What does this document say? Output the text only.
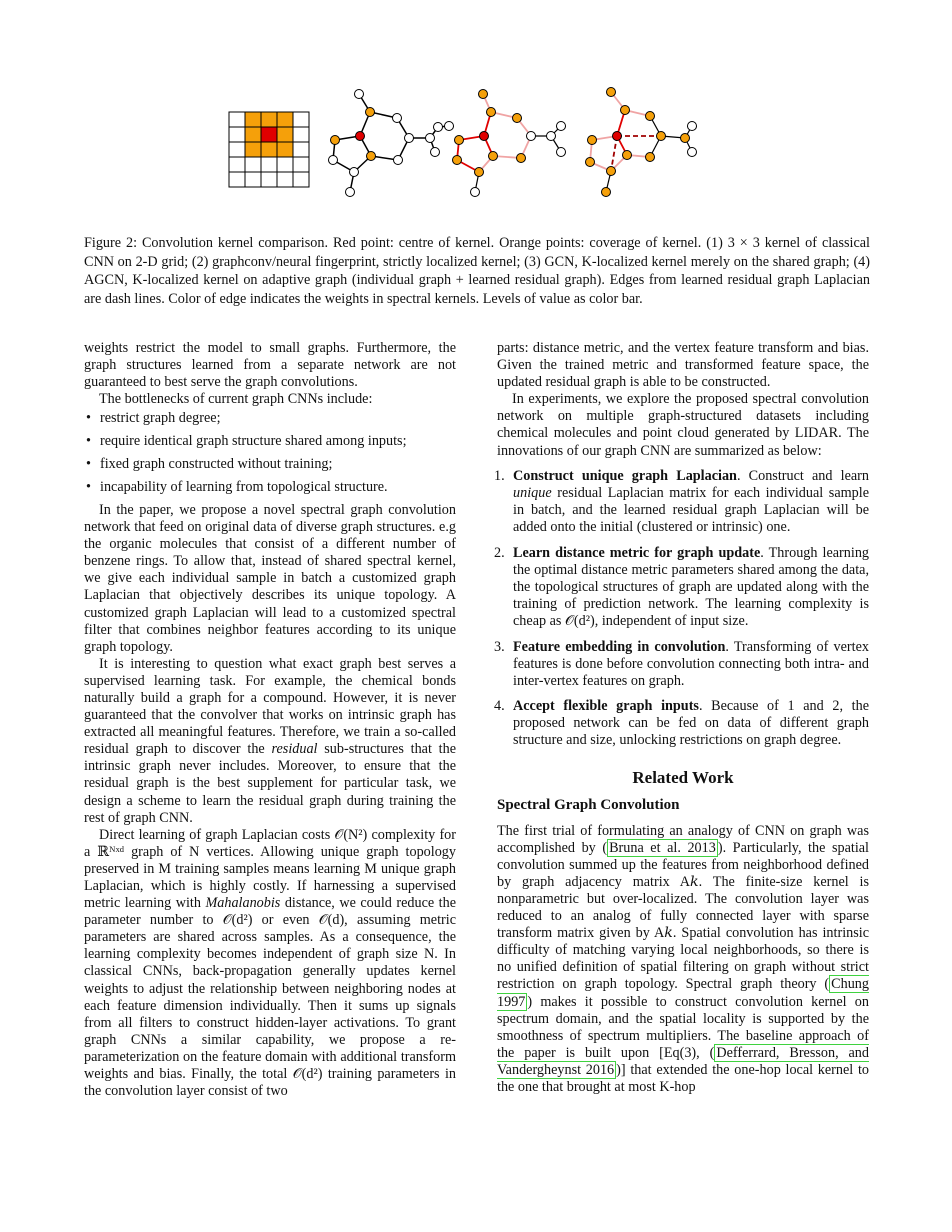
Figure 2: Convolution kernel comparison. Red point: centre of kernel. Orange points: coverage of kernel. (1) 3 × 3 kernel of classical CNN on 2-D grid; (2) graphconv/neural fingerprint, strictly localized kernel; (3) GCN, K-localized kernel merely on the shared graph; (4) AGCN, K-localized kernel on adaptive graph (individual graph + learned residual graph). Edges from learned residual graph Laplacian are dash lines. Color of edge indicates the weights in spectral kernels. Levels of value as color bar.

weights restrict the model to small graphs. Furthermore, the graph structures learned from a separate network are not guaranteed to best serve the graph convolutions.

The bottlenecks of current graph CNNs include:

• restrict graph degree;
• require identical graph structure shared among inputs;
• fixed graph constructed without training;
• incapability of learning from topological structure.

In the paper, we propose a novel spectral graph convolution network that feed on original data of diverse graph structures. e.g the organic molecules that consist of a different number of benzene rings. To allow that, instead of shared spectral kernel, we give each individual sample in batch a customized graph Laplacian that objectively describes its unique topology. A customized graph Laplacian will lead to a customized spectral filter that combines neighbor features according to its unique graph topology.

It is interesting to question what exact graph best serves a supervised learning task. For example, the chemical bonds naturally build a graph for a compound. However, it is never guaranteed that the convolver that works on intrinsic graph has extracted all meaningful features. Therefore, we train a so-called residual graph to discover the residual sub-structures that the intrinsic graph never includes. Moreover, to ensure that the residual graph is the best supplement for particular task, we design a scheme to learn the residual graph during training the rest of graph CNN.

Direct learning of graph Laplacian costs 𝒪(N²) complexity for a ℝᴺˣᵈ graph of N vertices. Allowing unique graph topology preserved in M training samples means learning M unique graph Laplacian, which is highly costly. If harnessing a supervised metric learning with Mahalanobis distance, we could reduce the parameter number to 𝒪(d²) or even 𝒪(d), assuming metric parameters are shared across samples. As a consequence, the learning complexity becomes independent of graph size N. In classical CNNs, back-propagation generally updates kernel weights to adjust the relationship between neighboring nodes at each feature dimension individually. Then it sums up signals from all filters to construct hidden-layer activations. To grant graph CNNs a similar capability, we propose a re-parameterization on the feature domain with additional transform weights and bias. Finally, the total 𝒪(d²) training parameters in the convolution layer consist of two

parts: distance metric, and the vertex feature transform and bias. Given the trained metric and transformed feature space, the updated residual graph is able to be constructed.

In experiments, we explore the proposed spectral convolution network on multiple graph-structured datasets including chemical molecules and point cloud generated by LIDAR. The innovations of our graph CNN are summarized as below:

1. Construct unique graph Laplacian. Construct and learn unique residual Laplacian matrix for each individual sample in batch, and the learned residual graph Laplacian will be added onto the initial (clustered or intrinsic) one.
2. Learn distance metric for graph update. Through learning the optimal distance metric parameters shared among the data, the topological structures of graph are updated along with the training of prediction network. The learning complexity is cheap as 𝒪(d²), independent of input size.
3. Feature embedding in convolution. Transforming of vertex features is done before convolution connecting both intra- and inter-vertex features on graph.
4. Accept flexible graph inputs. Because of 1 and 2, the proposed network can be fed on data of different graph structure and size, unlocking restrictions on graph degree.
Related Work
Spectral Graph Convolution

The first trial of formulating an analogy of CNN on graph was accomplished by ( Bruna et al. 2013 ). Particularly, the spatial convolution summed up the features from neighborhood defined by graph adjacency matrix A𝑘. The finite-size kernel is nonparametric but over-localized. The convolution layer was reduced to an analog of fully connected layer with sparse transform matrix given by A𝑘. Spatial convolution has intrinsic difficulty of matching varying local neighborhoods, so there is no unified definition of spatial filtering on graph without strict restriction on graph topology. Spectral graph theory ( Chung 1997 ) makes it possible to construct convolution kernel on spectrum domain, and the spatial locality is supported by the smoothness of spectrum multipliers. The baseline approach of the paper is built upon [Eq(3), ( Defferrard, Bresson, and Vandergheynst 2016 )] that extended the one-hop local kernel to the one that brought at most K-hop
